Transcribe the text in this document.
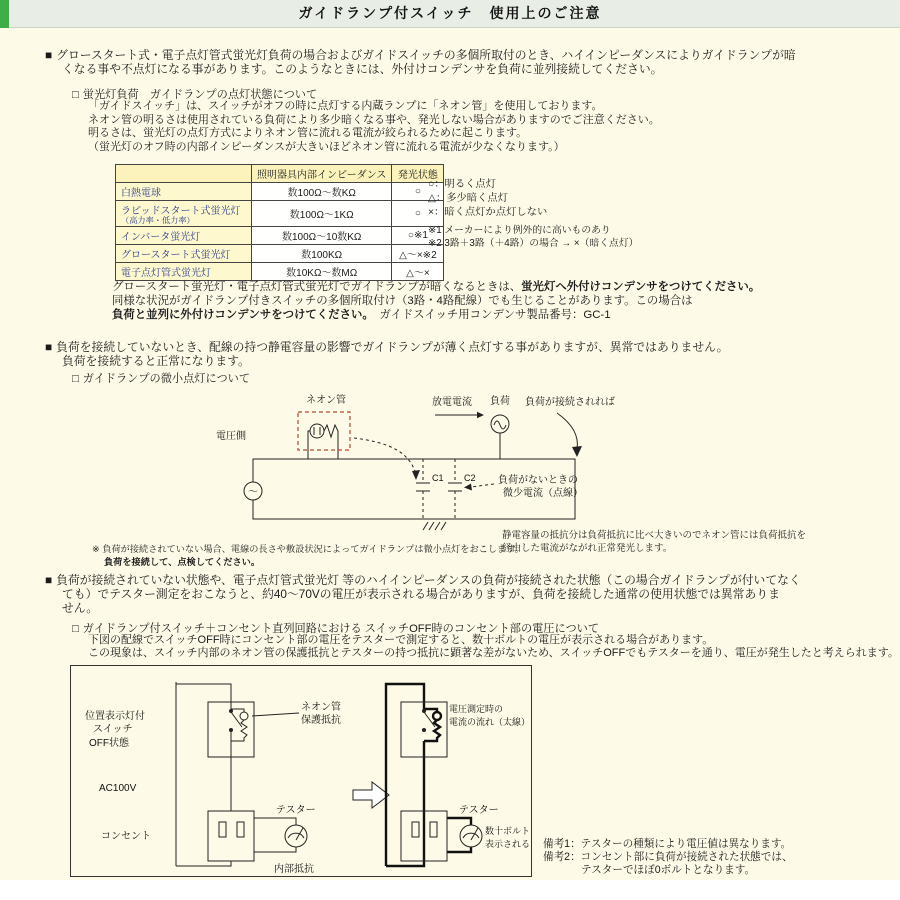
ガイドランプ付スイッチ　使用上のご注意
■ グロースタート式・電子点灯管式蛍光灯負荷の場合およびガイドスイッチの多個所取付のとき、ハイインピーダンスによりガイドランプが暗
くなる事や不点灯になる事があります。このようなときには、外付けコンデンサを負荷に並列接続してください。
□ 蛍光灯負荷　ガイドランプの点灯状態について
「ガイドスイッチ」は、スイッチがオフの時に点灯する内蔵ランプに「ネオン管」を使用しております。
ネオン管の明るさは使用されている負荷により多少暗くなる事や、発光しない場合がありますのでご注意ください。
明るさは、蛍光灯の点灯方式によりネオン管に流れる電流が絞られるために起こります。
（蛍光灯のオフ時の内部インピーダンスが大きいほどネオン管に流れる電流が少なくなります。）
	照明器具内部インピーダンス	発光状態
白熱電球	数100Ω～数KΩ	○
ラピッドスタート式蛍光灯
（高力率・低力率）	数100Ω～1KΩ	○
インバータ蛍光灯	数100Ω～10数KΩ	○※1
グロースタート式蛍光灯	数100KΩ	△～×※2
電子点灯管式蛍光灯	数10KΩ～数MΩ	△～×
○：明るく点灯
△：多少暗く点灯
×：暗く点灯か点灯しない
※1 メーカーにより例外的に高いものあり
※2 3路＋3路（＋4路）の場合 → ×（暗く点灯）
グロースタート蛍光灯・電子点灯管式蛍光灯でガイドランプが暗くなるときは、蛍光灯へ外付けコンデンサをつけてください。
同様な状況がガイドランプ付きスイッチの多個所取付け（3路・4路配線）でも生じることがあります。この場合は
負荷と並列に外付けコンデンサをつけてください。　ガイドスイッチ用コンデンサ製品番号：GC-1
■ 負荷を接続していないとき、配線の持つ静電容量の影響でガイドランプが薄く点灯する事がありますが、異常ではありません。
負荷を接続すると正常になります。
□ ガイドランプの微小点灯について
～
ネオン管
電圧側
放電電流 負荷 負荷が接続されれば
C1 C2 負荷がないときの
微少電流（点線）
静電容量の抵抗分は負荷抵抗に比べ大きいのでネオン管には負荷抵抗を
経由した電流がながれ正常発光します。
※ 負荷が接続されていない場合、電線の長さや敷設状況によってガイドランプは微小点灯をおこします。
負荷を接続して、点検してください。
■ 負荷が接続されていない状態や、電子点灯管式蛍光灯 等のハイインピーダンスの負荷が接続された状態（この場合ガイドランプが付いてなく
ても）でテスター測定をおこなうと、約40～70Vの電圧が表示される場合がありますが、負荷を接続した通常の使用状態では異常ありま
せん。
□ ガイドランプ付スイッチ＋コンセント直列回路における スイッチOFF時のコンセント部の電圧について
下図の配線でスイッチOFF時にコンセント部の電圧をテスターで測定すると、数十ボルトの電圧が表示される場合があります。
この現象は、スイッチ内部のネオン管の保護抵抗とテスターの持つ抵抗に顕著な差がないため、スイッチOFFでもテスターを通り、電圧が発生したと考えられます。
位置表示灯付
スイッチ
OFF状態
AC100V
コンセント
ネオン管
保護抵抗
テスター
内部抵抗
電圧測定時の
電流の流れ（太線）
テスター
数十ボルト
表示される 備考1：テスターの種類により電圧値は異なります。
備考2：コンセント部に負荷が接続された状態では、
テスターでほぼ0ボルトとなります。
